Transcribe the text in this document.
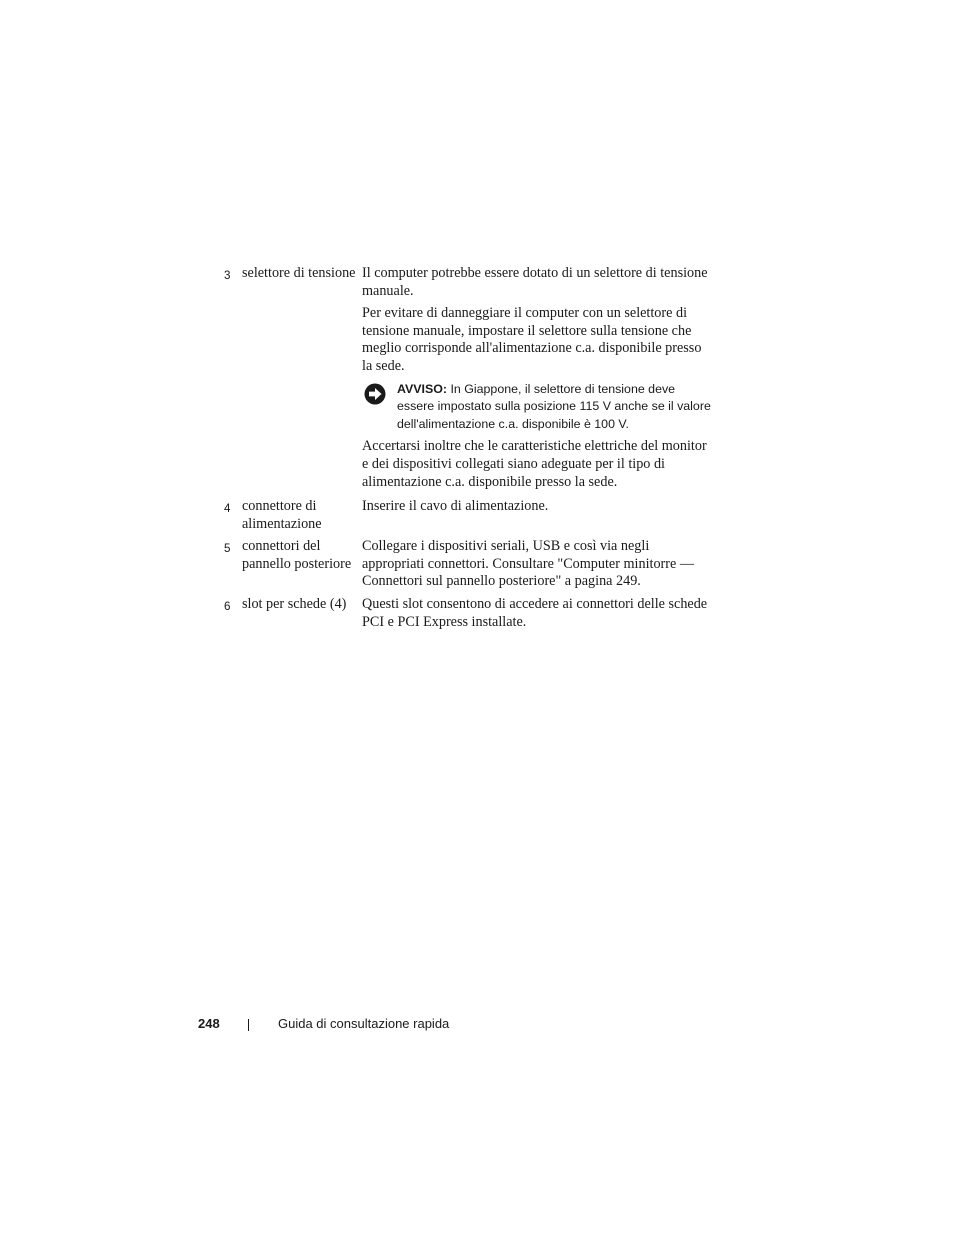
3 selettore di tensione Il computer potrebbe essere dotato di un selettore di tensione manuale.

Per evitare di danneggiare il computer con un selettore di tensione manuale, impostare il selettore sulla tensione che meglio corrisponde all'alimentazione c.a. disponibile presso la sede.

AVVISO: In Giappone, il selettore di tensione deve essere impostato sulla posizione 115 V anche se il valore dell'alimentazione c.a. disponibile è 100 V.

Accertarsi inoltre che le caratteristiche elettriche del monitor e dei dispositivi collegati siano adeguate per il tipo di alimentazione c.a. disponibile presso la sede.

4 connettore di alimentazione

Inserire il cavo di alimentazione.

5 connettori del pannello posteriore

Collegare i dispositivi seriali, USB e così via negli appropriati connettori. Consultare "Computer minitorre — Connettori sul pannello posteriore" a pagina 249.

6 slot per schede (4)	Questi slot consentono di accedere ai connettori delle schede PCI e PCI Express installate.

248	Guida di consultazione rapida
